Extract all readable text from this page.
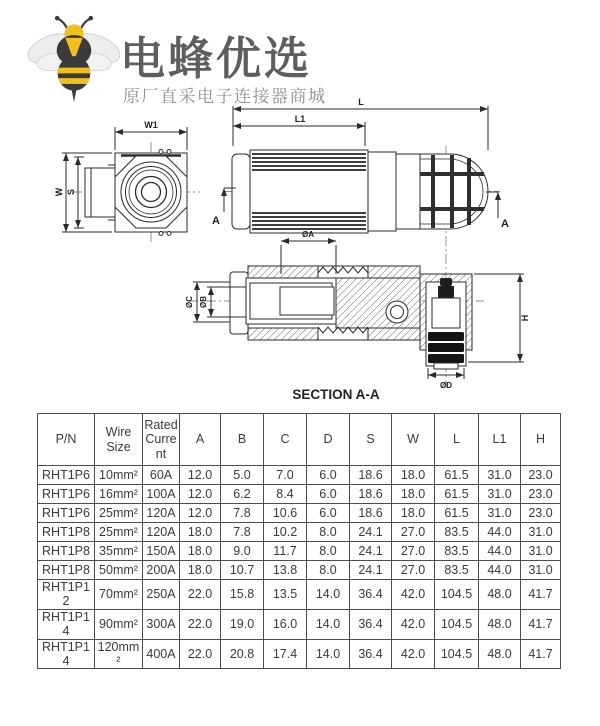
电蜂优选
原厂直采电子连接器商城
W1
W S
L
L1
A	A
ØA
ØC ØB
H
ØD
SECTION A-A
P/N	Wire Size	Rated Current	A	B	C	D	S	W	L	L1	H
RHT1P6	10mm²	60A	12.0	5.0	7.0	6.0	18.6	18.0	61.5	31.0	23.0
RHT1P6	16mm²	100A	12.0	6.2	8.4	6.0	18.6	18.0	61.5	31.0	23.0
RHT1P6	25mm²	120A	12.0	7.8	10.6	6.0	18.6	18.0	61.5	31.0	23.0
RHT1P8	25mm²	120A	18.0	7.8	10.2	8.0	24.1	27.0	83.5	44.0	31.0
RHT1P8	35mm²	150A	18.0	9.0	11.7	8.0	24.1	27.0	83.5	44.0	31.0
RHT1P8	50mm²	200A	18.0	10.7	13.8	8.0	24.1	27.0	83.5	44.0	31.0
RHT1P12	70mm²	250A	22.0	15.8	13.5	14.0	36.4	42.0	104.5	48.0	41.7
RHT1P14	90mm²	300A	22.0	19.0	16.0	14.0	36.4	42.0	104.5	48.0	41.7
RHT1P14	120mm²	400A	22.0	20.8	17.4	14.0	36.4	42.0	104.5	48.0	41.7
